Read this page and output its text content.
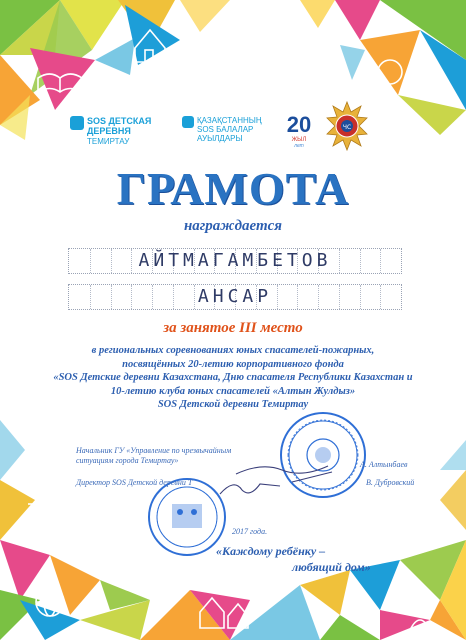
SOS ДЕТСКАЯ
ДЕРЕВНЯ
ТЕМИРТАУ
ҚАЗАҚСТАННЫҢ
SOS БАЛАЛАР
АУЫЛДАРЫ
20
ЖЫЛ
лет
ЧС
ГРАМОТА
награждается
АЙТМАГАМБЕТОВ
АНСАР
за занятое III место
в региональных соревнованиях юных спасателей-пожарных,
посвящённых 20-летию корпоративного фонда
«SOS Детские деревни Казахстана, Дню спасателя Республики Казахстан и
10-летию клуба юных спасателей «Алтын Жулдыз»
SOS Детской деревни Темиртау
Начальник ГУ «Управление по чрезвычайным
ситуациям города Темиртау»	А. Алтынбаев
Директор SOS Детской деревни Т	В. Дубровский
2017 года.
«Каждому ребёнку –
любящий дом»
